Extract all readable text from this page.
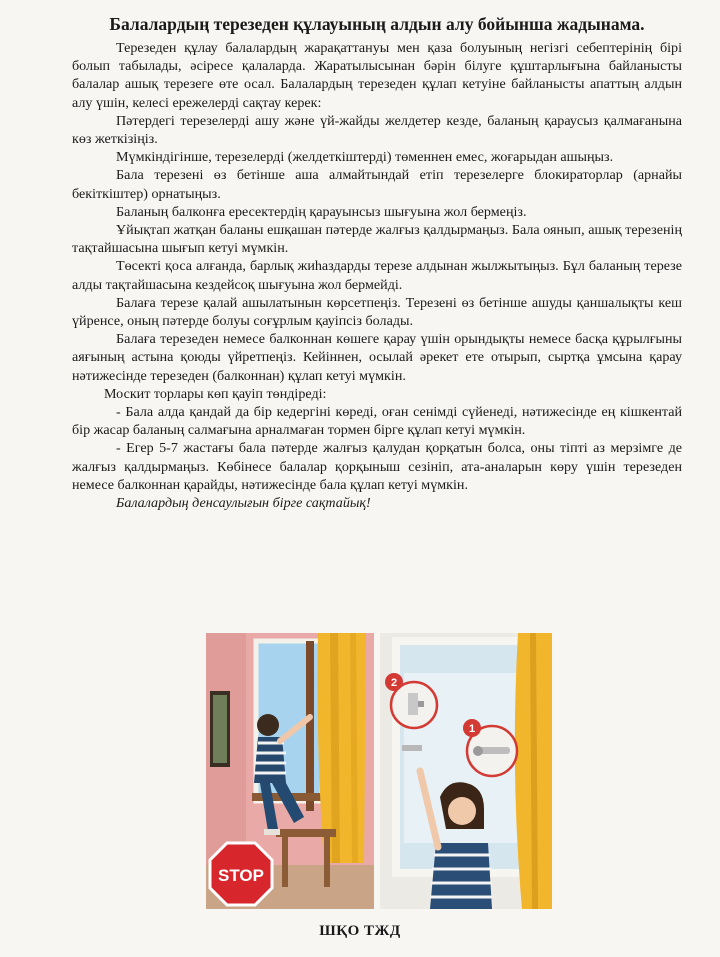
Балалардың терезеден құлауының алдын алу бойынша жадынама.

Терезеден құлау балалардың жарақаттануы мен қаза болуының негізгі себептерінің бірі болып табылады, әсіресе қалаларда. Жаратылысынан бәрін білуге құштарлығына байланысты балалар ашық терезеге өте осал. Балалардың терезеден құлап кетуіне байланысты апаттың алдын алу үшін, келесі ережелерді сақтау керек:

Пәтердегі терезелерді ашу және үй-жайды желдетер кезде, баланың қараусыз қалмағанына көз жеткізіңіз.

Мүмкіндігінше, терезелерді (желдеткіштерді) төменнен емес, жоғарыдан ашыңыз.

Бала терезені өз бетінше аша алмайтындай етіп терезелерге блокираторлар (арнайы бекіткіштер) орнатыңыз.

Баланың балконға ересектердің қарауынсыз шығуына жол бермеңіз.

Ұйықтап жатқан баланы ешқашан пәтерде жалғыз қалдырмаңыз. Бала оянып, ашық терезенің тақтайшасына шығып кетуі мүмкін.

Төсекті қоса алғанда, барлық жиһаздарды терезе алдынан жылжытыңыз. Бұл баланың терезе алды тақтайшасына кездейсоқ шығуына жол бермейді.

Балаға терезе қалай ашылатынын көрсетпеңіз. Терезені өз бетінше ашуды қаншалықты кеш үйренсе, оның пәтерде болуы соғұрлым қауіпсіз болады.

Балаға терезеден немесе балконнан көшеге қарау үшін орындықты немесе басқа құрылғыны аяғының астына қоюды үйретпеңіз. Кейіннен, осылай әрекет ете отырып, сыртқа ұмсына қарау нәтижесінде терезеден (балконнан) құлап кетуі мүмкін.

Москит торлары көп қауіп төндіреді:

- Бала алда қандай да бір кедергіні көреді, оған сенімді сүйенеді, нәтижесінде ең кішкентай бір жасар баланың салмағына арналмаған тормен бірге құлап кетуі мүмкін.

- Егер 5-7 жастағы бала пәтерде жалғыз қалудан қорқатын болса, оны тіпті аз мерзімге де жалғыз қалдырмаңыз. Көбінесе балалар қорқыныш сезініп, ата-аналарын көру үшін терезеден немесе балконнан қарайды, нәтижесінде бала құлап кетуі мүмкін.

Балалардың денсаулығын бірге сақтайық!

STOP
2
1
ШҚО ТЖД
